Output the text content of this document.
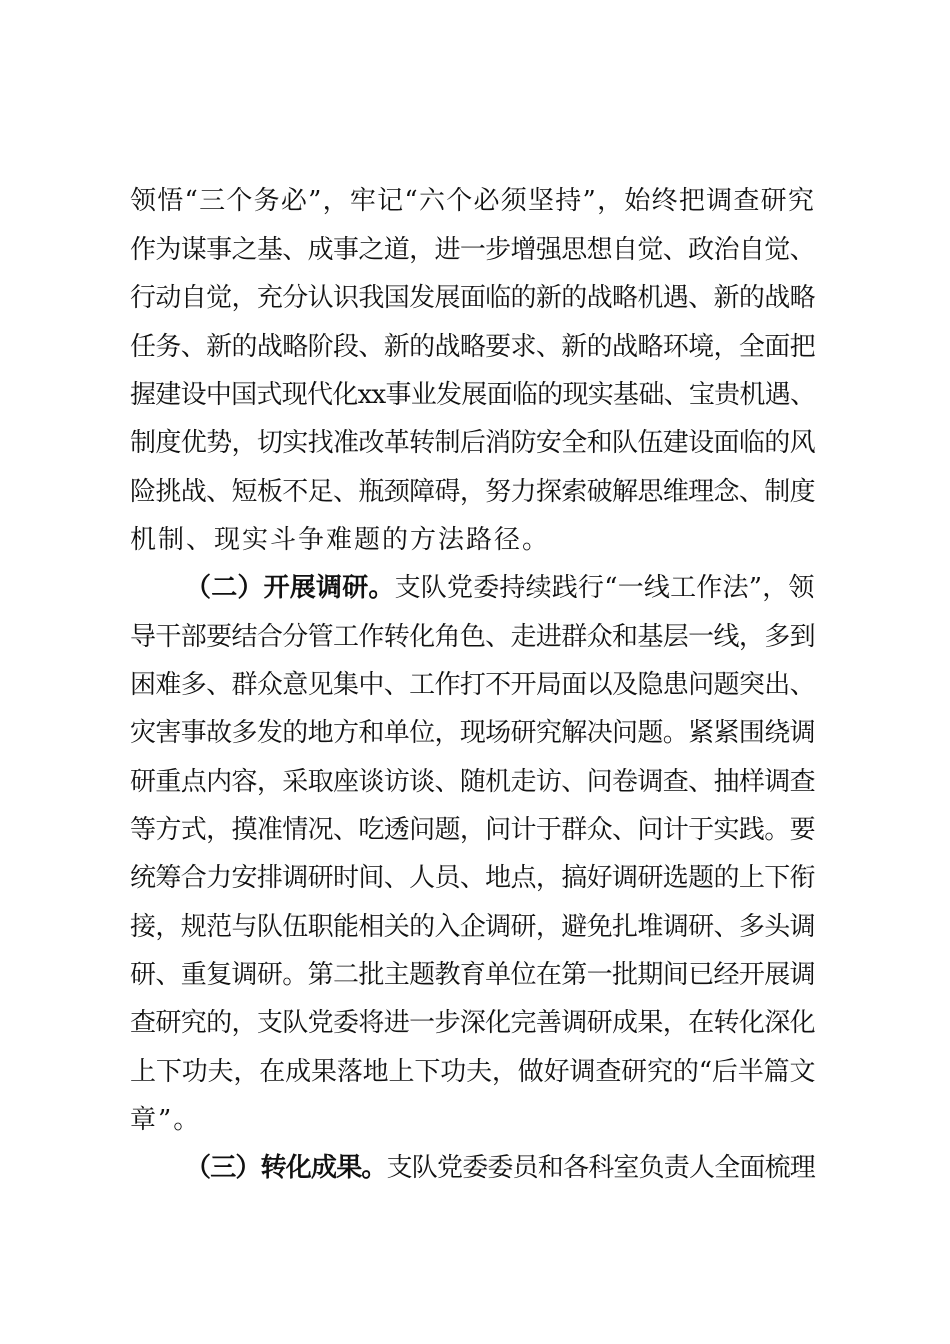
领悟“三个务必”，牢记“六个必须坚持”，始终把调查研究
作为谋事之基、成事之道，进一步增强思想自觉、政治自觉、
行动自觉，充分认识我国发展面临的新的战略机遇、新的战略
任务、新的战略阶段、新的战略要求、新的战略环境，全面把
握建设中国式现代化xx事业发展面临的现实基础、宝贵机遇、
制度优势，切实找准改革转制后消防安全和队伍建设面临的风
险挑战、短板不足、瓶颈障碍，努力探索破解思维理念、制度
机制、现实斗争难题的方法路径。
（二）开展调研。支队党委持续践行“一线工作法”，领
导干部要结合分管工作转化角色、走进群众和基层一线，多到
困难多、群众意见集中、工作打不开局面以及隐患问题突出、
灾害事故多发的地方和单位，现场研究解决问题。紧紧围绕调
研重点内容，采取座谈访谈、随机走访、问卷调查、抽样调查
等方式，摸准情况、吃透问题，问计于群众、问计于实践。要
统筹合力安排调研时间、人员、地点，搞好调研选题的上下衔
接，规范与队伍职能相关的入企调研，避免扎堆调研、多头调
研、重复调研。第二批主题教育单位在第一批期间已经开展调
查研究的，支队党委将进一步深化完善调研成果，在转化深化
上下功夫，在成果落地上下功夫，做好调查研究的“后半篇文
章”。
（三）转化成果。支队党委委员和各科室负责人全面梳理
